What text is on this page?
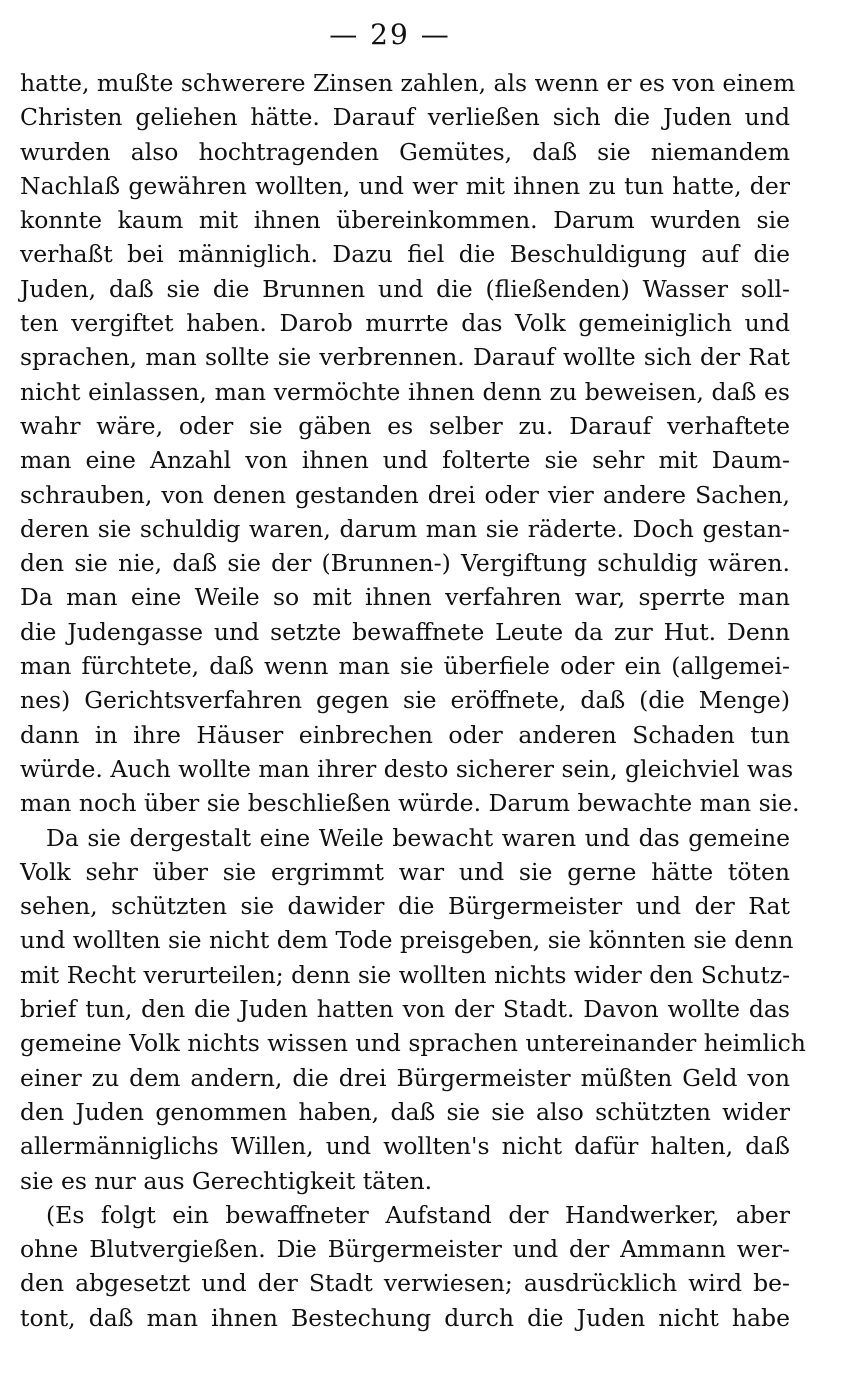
— 29 —
hatte, mußte schwerere Zinsen zahlen, als wenn er es von einem
Christen geliehen hätte. Darauf verließen sich die Juden und
wurden also hochtragenden Gemütes, daß sie niemandem
Nachlaß gewähren wollten, und wer mit ihnen zu tun hatte, der
konnte kaum mit ihnen übereinkommen. Darum wurden sie
verhaßt bei männiglich. Dazu fiel die Beschuldigung auf die
Juden, daß sie die Brunnen und die (fließenden) Wasser soll-
ten vergiftet haben. Darob murrte das Volk gemeiniglich und
sprachen, man sollte sie verbrennen. Darauf wollte sich der Rat
nicht einlassen, man vermöchte ihnen denn zu beweisen, daß es
wahr wäre, oder sie gäben es selber zu. Darauf verhaftete
man eine Anzahl von ihnen und folterte sie sehr mit Daum-
schrauben, von denen gestanden drei oder vier andere Sachen,
deren sie schuldig waren, darum man sie räderte. Doch gestan-
den sie nie, daß sie der (Brunnen-) Vergiftung schuldig wären.
Da man eine Weile so mit ihnen verfahren war, sperrte man
die Judengasse und setzte bewaffnete Leute da zur Hut. Denn
man fürchtete, daß wenn man sie überfiele oder ein (allgemei-
nes) Gerichtsverfahren gegen sie eröffnete, daß (die Menge)
dann in ihre Häuser einbrechen oder anderen Schaden tun
würde. Auch wollte man ihrer desto sicherer sein, gleichviel was
man noch über sie beschließen würde. Darum bewachte man sie.
Da sie dergestalt eine Weile bewacht waren und das gemeine
Volk sehr über sie ergrimmt war und sie gerne hätte töten
sehen, schützten sie dawider die Bürgermeister und der Rat
und wollten sie nicht dem Tode preisgeben, sie könnten sie denn
mit Recht verurteilen; denn sie wollten nichts wider den Schutz-
brief tun, den die Juden hatten von der Stadt. Davon wollte das
gemeine Volk nichts wissen und sprachen untereinander heimlich
einer zu dem andern, die drei Bürgermeister müßten Geld von
den Juden genommen haben, daß sie sie also schützten wider
allermänniglichs Willen, und wollten's nicht dafür halten, daß
sie es nur aus Gerechtigkeit täten.
(Es folgt ein bewaffneter Aufstand der Handwerker, aber
ohne Blutvergießen. Die Bürgermeister und der Ammann wer-
den abgesetzt und der Stadt verwiesen; ausdrücklich wird be-
tont, daß man ihnen Bestechung durch die Juden nicht habe
